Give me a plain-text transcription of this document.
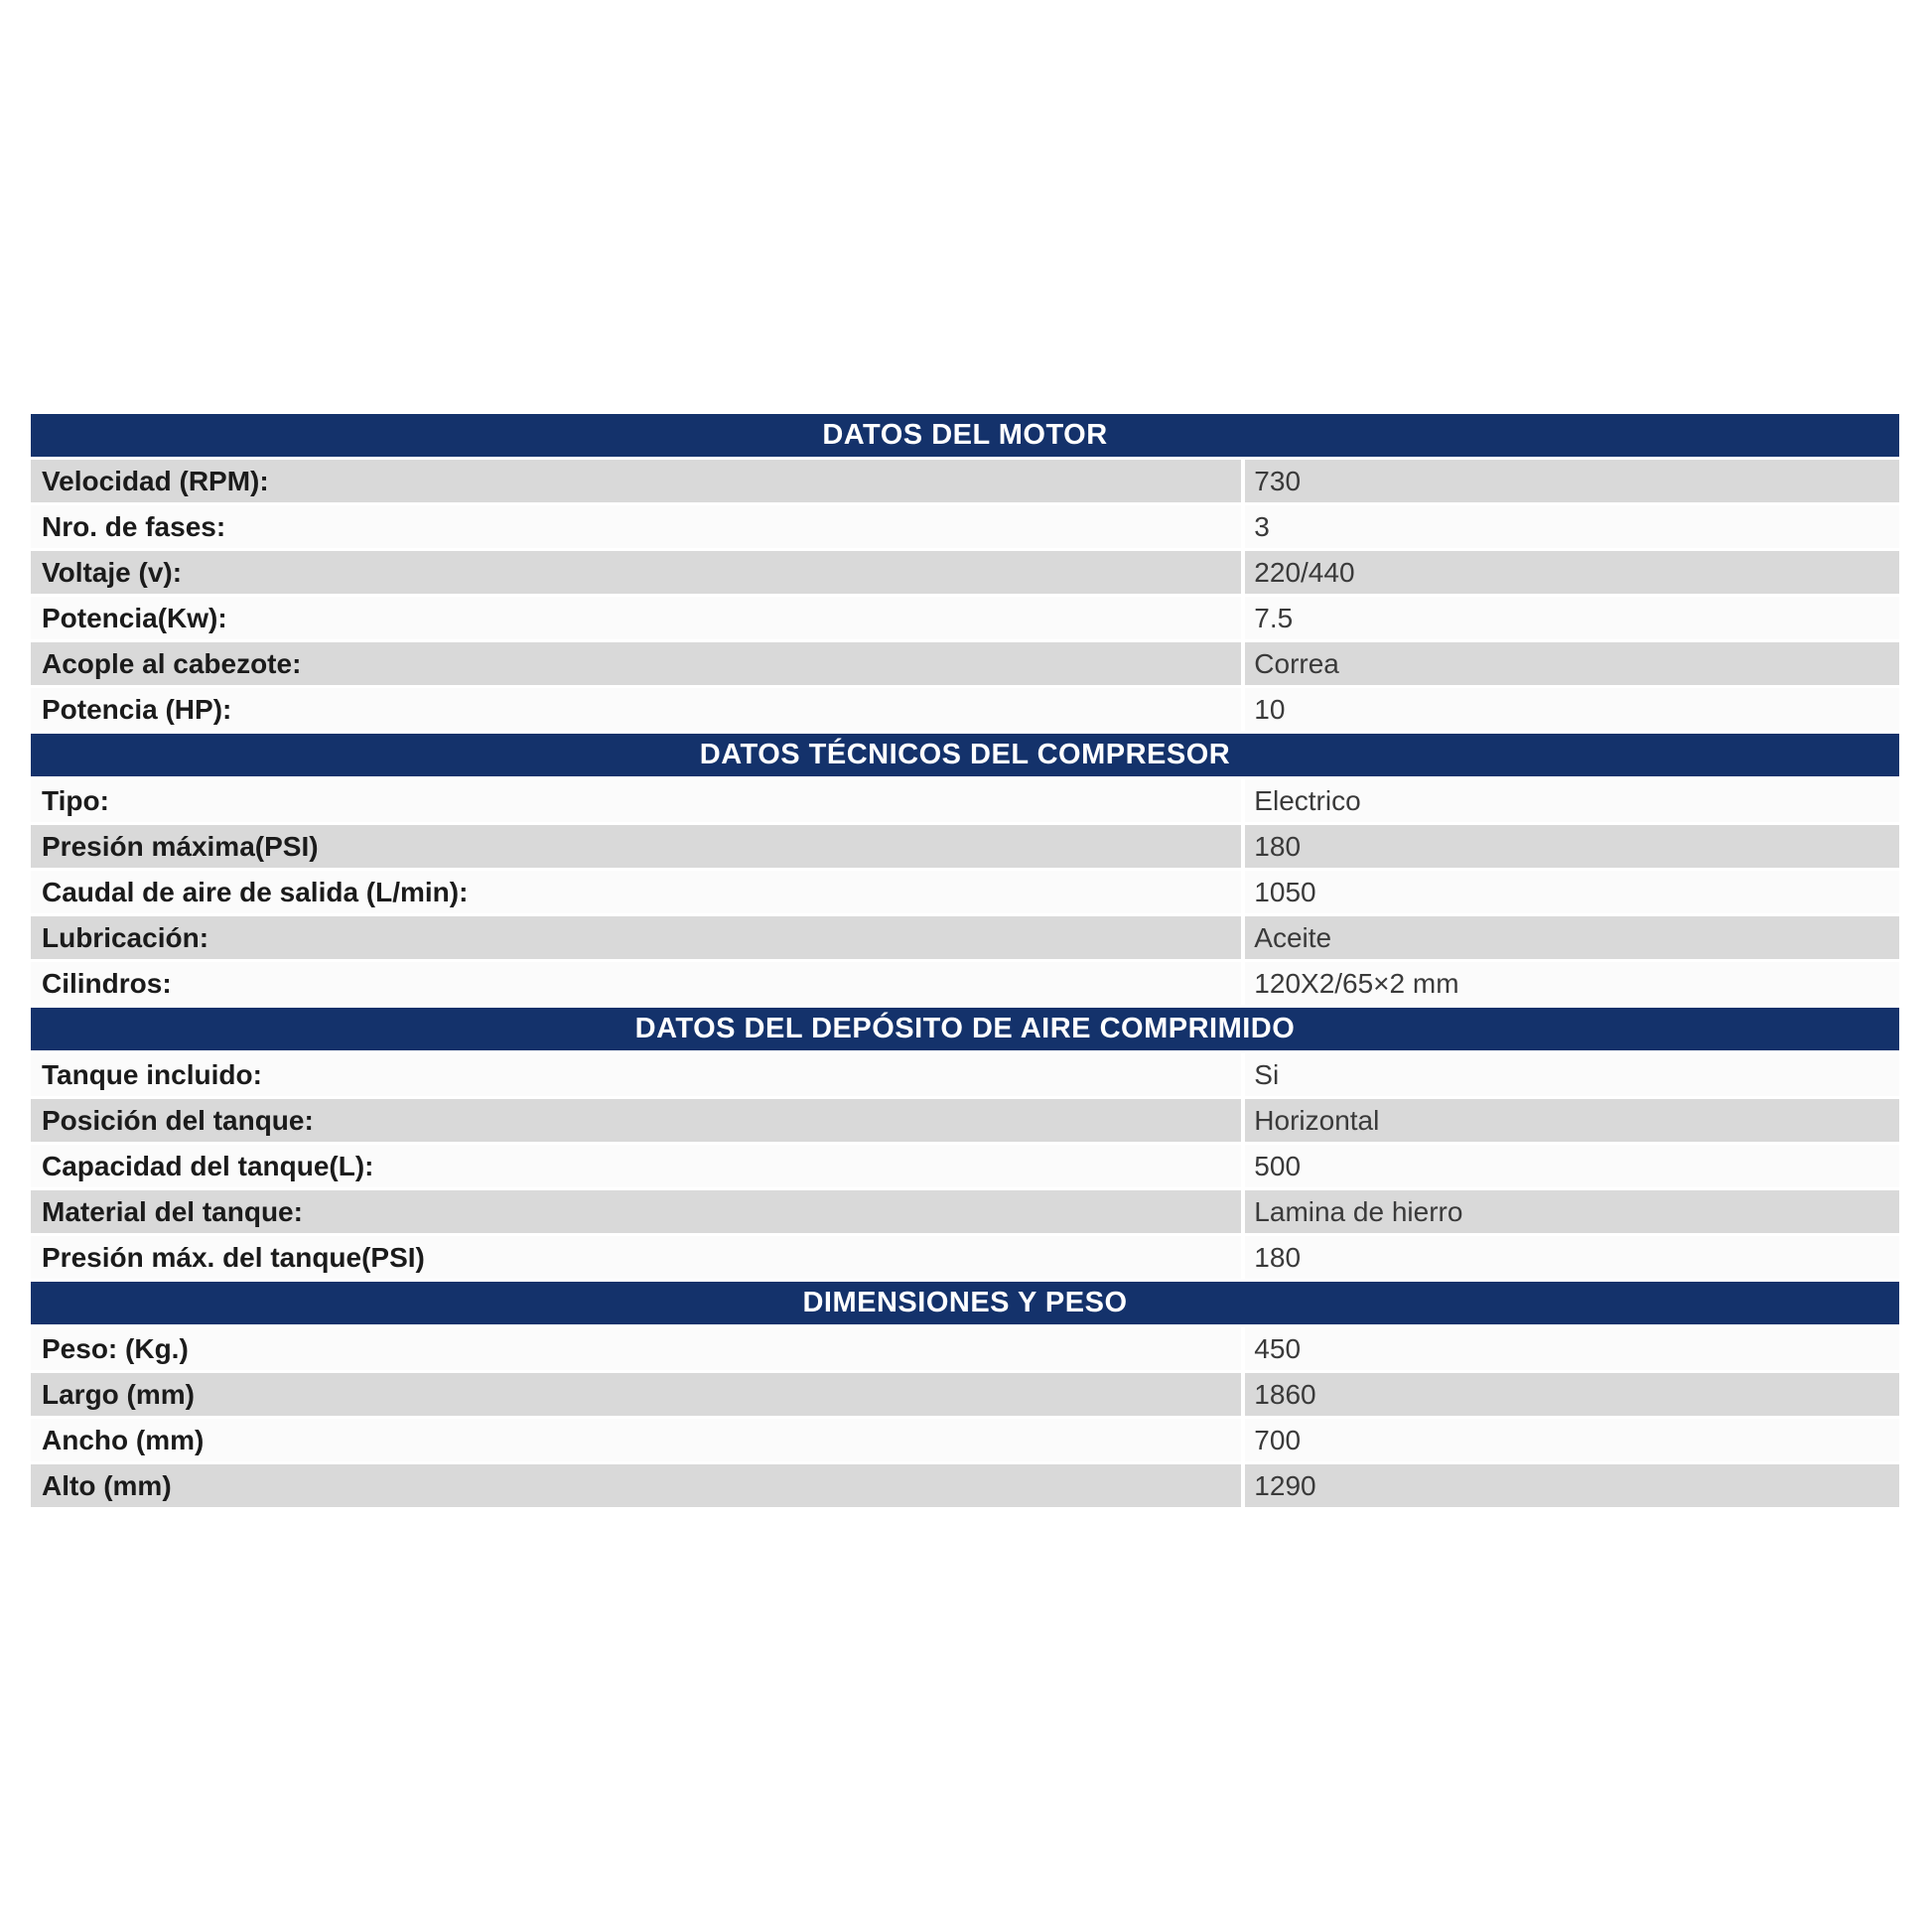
DATOS DEL MOTOR
Velocidad (RPM):	730
Nro. de fases:	3
Voltaje (v):	220/440
Potencia(Kw):	7.5
Acople al cabezote:	Correa
Potencia (HP):	10
DATOS TÉCNICOS DEL COMPRESOR
Tipo:	Electrico
Presión máxima(PSI)	180
Caudal de aire de salida (L/min):	1050
Lubricación:	Aceite
Cilindros:	120X2/65×2 mm
DATOS DEL DEPÓSITO DE AIRE COMPRIMIDO
Tanque incluido:	Si
Posición del tanque:	Horizontal
Capacidad del tanque(L):	500
Material del tanque:	Lamina de hierro
Presión máx. del tanque(PSI)	180
DIMENSIONES Y PESO
Peso: (Kg.)	450
Largo (mm)	1860
Ancho (mm)	700
Alto (mm)	1290
